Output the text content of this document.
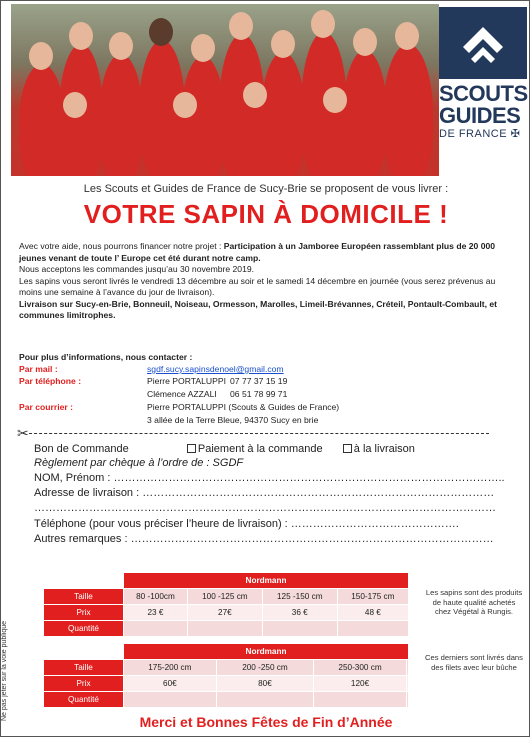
SCOUTS
GUIDES
DE FRANCE ✠
Les Scouts et Guides de France de Sucy-Brie se proposent de vous livrer :
VOTRE SAPIN À DOMICILE !

Avec votre aide, nous pourrons financer notre projet : Participation à un Jamboree Européen rassemblant plus de 20 000 jeunes venant de toute l’ Europe cet été durant notre camp.

Nous acceptons les commandes jusqu’au 30 novembre 2019.

Les sapins vous seront livrés le vendredi 13 décembre au soir et le samedi 14 décembre en journée (vous serez prévenus au moins une semaine à l’avance du jour de livraison).

Livraison sur Sucy-en-Brie, Bonneuil, Noiseau, Ormesson, Marolles, Limeil-Brévannes, Créteil, Pontault-Combault, et communes limitrophes.

Pour plus d’informations, nous contacter :
Par mail :	sgdf.sucy.sapinsdenoel@gmail.com
Par téléphone :	Pierre PORTALUPPI 07 77 37 15 19
Clémence AZZALI 06 51 78 99 71
Par courrier :	Pierre PORTALUPPI (Scouts & Guides de France)
3 allée de la Terre Bleue, 94370 Sucy en brie
✂
Bon de Commande	Paiement à la commande	à la livraison
Règlement par chèque à l’ordre de : SGDF
NOM, Prénom : ……………………………………………………………………………………………..
Adresse de livraison : ……………………………………………………………………………………
………………………………………………………………………………………………………………
Téléphone (pour vous préciser l’heure de livraison) : ……………………………………….
Autres remarques : ………………………………………………………………………………………
	Nordmann			
Taille	80 -100cm	100 -125 cm	125 -150 cm	150-175 cm
Prix	23 €	27€	36 €	48 €
Quantité				
	Nordmann			
Taille	175-200 cm	200 -250 cm	250-300 cm	
Prix	60€	80€	120€	
Quantité				
Les sapins sont des produits de haute qualité achetés chez Végétal à Rungis.
Ces derniers sont livrés dans des filets avec leur bûche
Ne pas jeter sur la voie publique
Merci et Bonnes Fêtes de Fin d’Année
